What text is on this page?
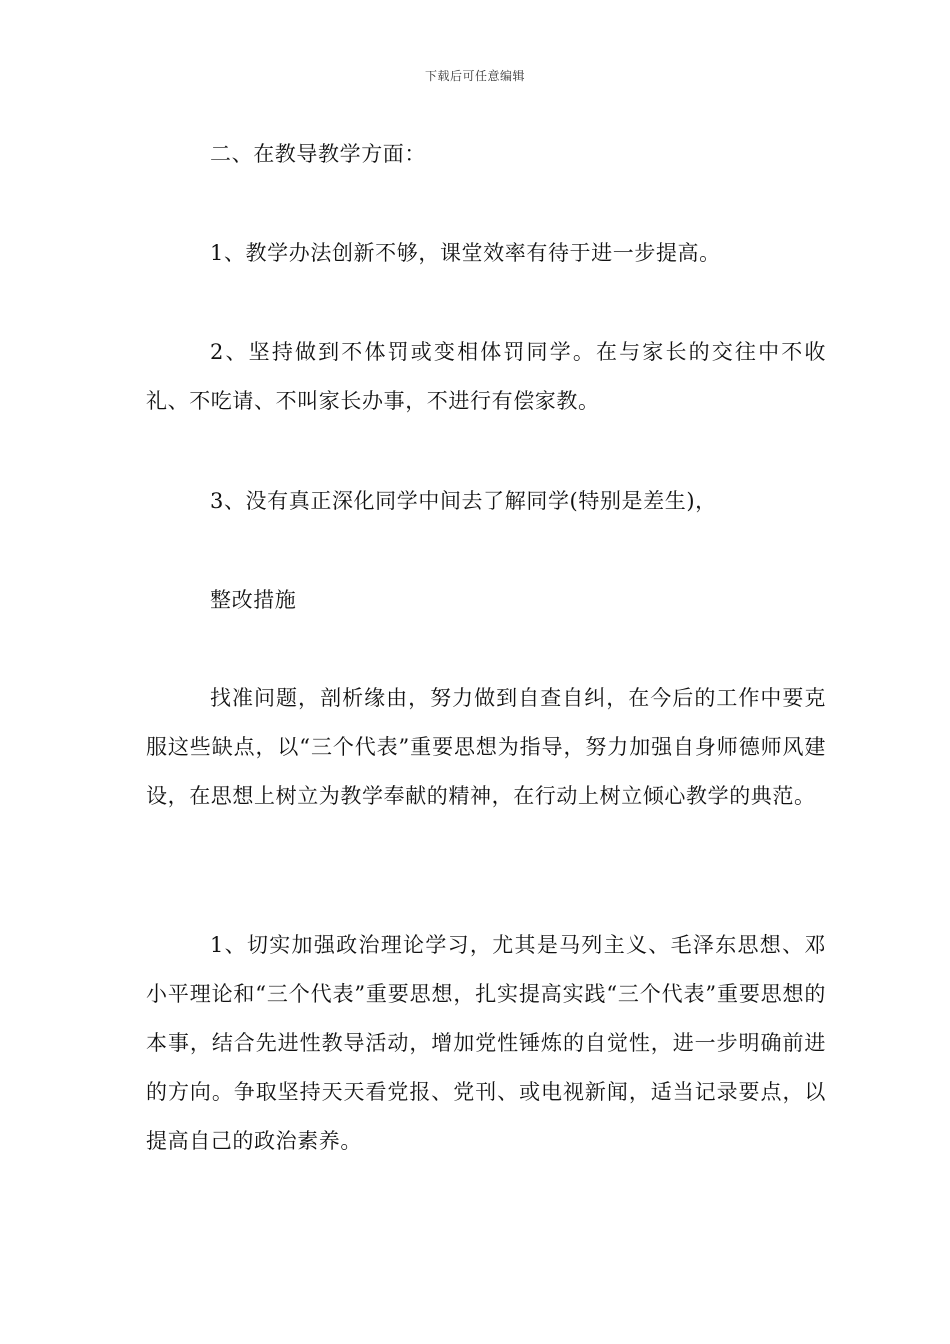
下载后可任意编辑

二、在教导教学方面：

1、教学办法创新不够，课堂效率有待于进一步提高。

2、坚持做到不体罚或变相体罚同学。在与家长的交往中不收礼、不吃请、不叫家长办事，不进行有偿家教。

3、没有真正深化同学中间去了解同学(特别是差生)，

整改措施

找准问题，剖析缘由，努力做到自查自纠，在今后的工作中要克服这些缺点，以“三个代表”重要思想为指导，努力加强自身师德师风建设，在思想上树立为教学奉献的精神，在行动上树立倾心教学的典范。

1、切实加强政治理论学习，尤其是马列主义、毛泽东思想、邓小平理论和“三个代表”重要思想，扎实提高实践“三个代表”重要思想的本事，结合先进性教导活动，增加党性锤炼的自觉性，进一步明确前进的方向。争取坚持天天看党报、党刊、或电视新闻，适当记录要点，以提高自己的政治素养。
